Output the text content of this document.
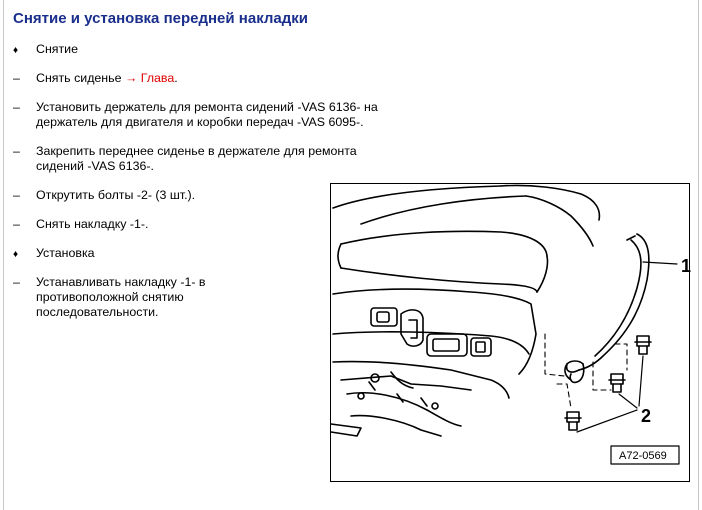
Снятие и установка передней накладки
♦	Снятие
–	Снять сиденье → Глава.
–	Установить держатель для ремонта сидений -VAS 6136- на держатель для двигателя и коробки передач -VAS 6095-.
–	Закрепить переднее сиденье в держателе для ремонта сидений -VAS 6136-.
–	Открутить болты -2- (3 шт.).
–	Снять накладку -1-.
♦	Установка
–	Устанавливать накладку -1- в противоположной снятию последовательности.
1
2
A72-0569
